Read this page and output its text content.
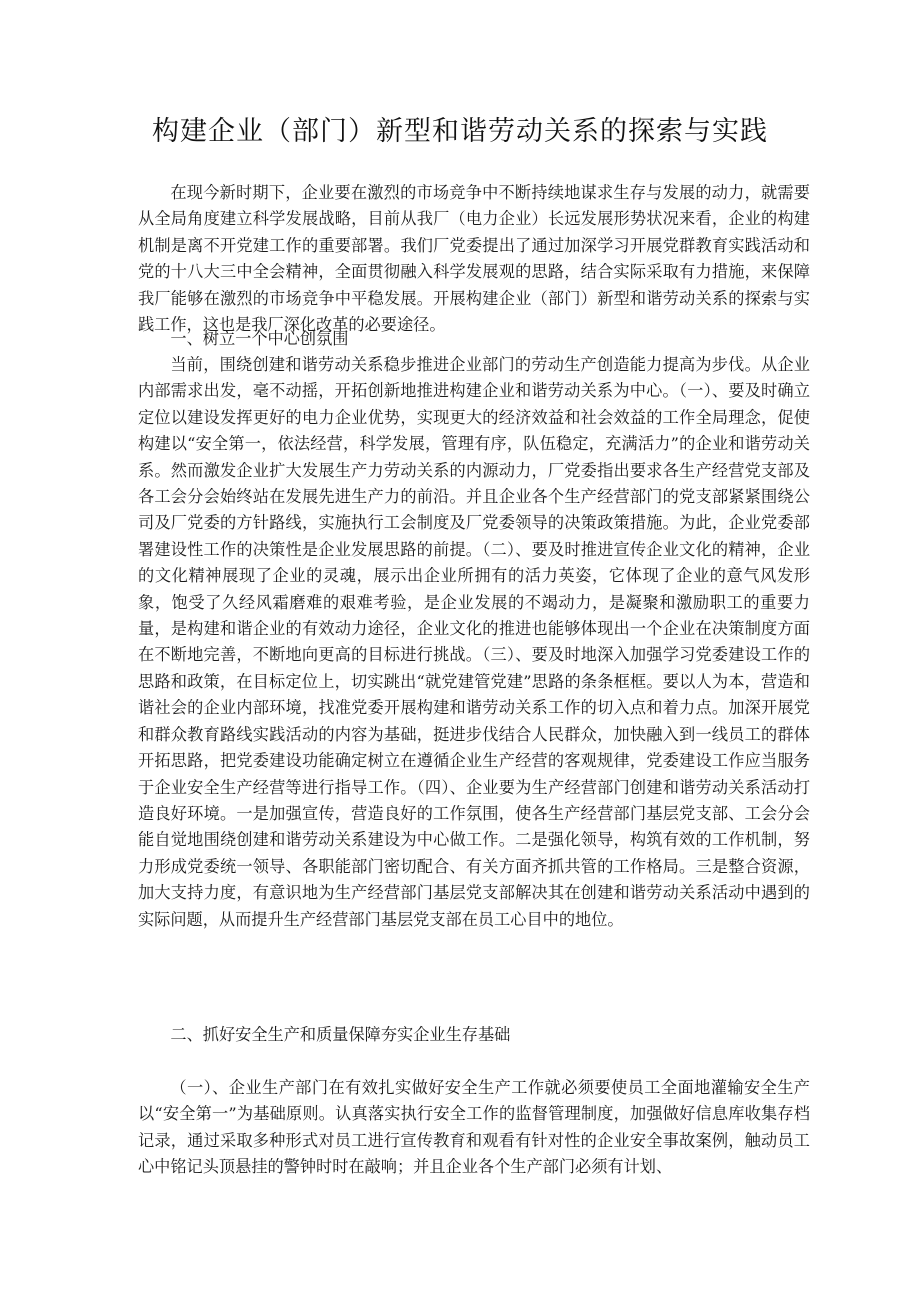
构建企业（部门）新型和谐劳动关系的探索与实践

在现今新时期下，企业要在激烈的市场竞争中不断持续地谋求生存与发展的动力，就需要从全局角度建立科学发展战略，目前从我厂（电力企业）长远发展形势状况来看，企业的构建机制是离不开党建工作的重要部署。我们厂党委提出了通过加深学习开展党群教育实践活动和党的十八大三中全会精神，全面贯彻融入科学发展观的思路，结合实际采取有力措施，来保障我厂能够在激烈的市场竞争中平稳发展。开展构建企业（部门）新型和谐劳动关系的探索与实践工作，这也是我厂深化改革的必要途径。

一、树立一个中心创氛围

当前，围绕创建和谐劳动关系稳步推进企业部门的劳动生产创造能力提高为步伐。从企业内部需求出发，毫不动摇，开拓创新地推进构建企业和谐劳动关系为中心。（一）、要及时确立定位以建设发挥更好的电力企业优势，实现更大的经济效益和社会效益的工作全局理念，促使构建以“安全第一，依法经营，科学发展，管理有序，队伍稳定，充满活力”的企业和谐劳动关系。然而激发企业扩大发展生产力劳动关系的内源动力，厂党委指出要求各生产经营党支部及各工会分会始终站在发展先进生产力的前沿。并且企业各个生产经营部门的党支部紧紧围绕公司及厂党委的方针路线，实施执行工会制度及厂党委领导的决策政策措施。为此，企业党委部署建设性工作的决策性是企业发展思路的前提。（二）、要及时推进宣传企业文化的精神，企业的文化精神展现了企业的灵魂，展示出企业所拥有的活力英姿，它体现了企业的意气风发形象，饱受了久经风霜磨难的艰难考验，是企业发展的不竭动力，是凝聚和激励职工的重要力量，是构建和谐企业的有效动力途径，企业文化的推进也能够体现出一个企业在决策制度方面在不断地完善，不断地向更高的目标进行挑战。（三）、要及时地深入加强学习党委建设工作的思路和政策，在目标定位上，切实跳出“就党建管党建”思路的条条框框。要以人为本，营造和谐社会的企业内部环境，找准党委开展构建和谐劳动关系工作的切入点和着力点。加深开展党和群众教育路线实践活动的内容为基础，挺进步伐结合人民群众，加快融入到一线员工的群体开拓思路，把党委建设功能确定树立在遵循企业生产经营的客观规律，党委建设工作应当服务于企业安全生产经营等进行指导工作。（四）、企业要为生产经营部门创建和谐劳动关系活动打造良好环境。一是加强宣传，营造良好的工作氛围，使各生产经营部门基层党支部、工会分会能自觉地围绕创建和谐劳动关系建设为中心做工作。二是强化领导，构筑有效的工作机制，努力形成党委统一领导、各职能部门密切配合、有关方面齐抓共管的工作格局。三是整合资源，加大支持力度，有意识地为生产经营部门基层党支部解决其在创建和谐劳动关系活动中遇到的实际问题，从而提升生产经营部门基层党支部在员工心目中的地位。

二、抓好安全生产和质量保障夯实企业生存基础

（一）、企业生产部门在有效扎实做好安全生产工作就必须要使员工全面地灌输安全生产以“安全第一”为基础原则。认真落实执行安全工作的监督管理制度，加强做好信息库收集存档记录，通过采取多种形式对员工进行宣传教育和观看有针对性的企业安全事故案例，触动员工心中铭记头顶悬挂的警钟时时在敲响；并且企业各个生产部门必须有计划、
